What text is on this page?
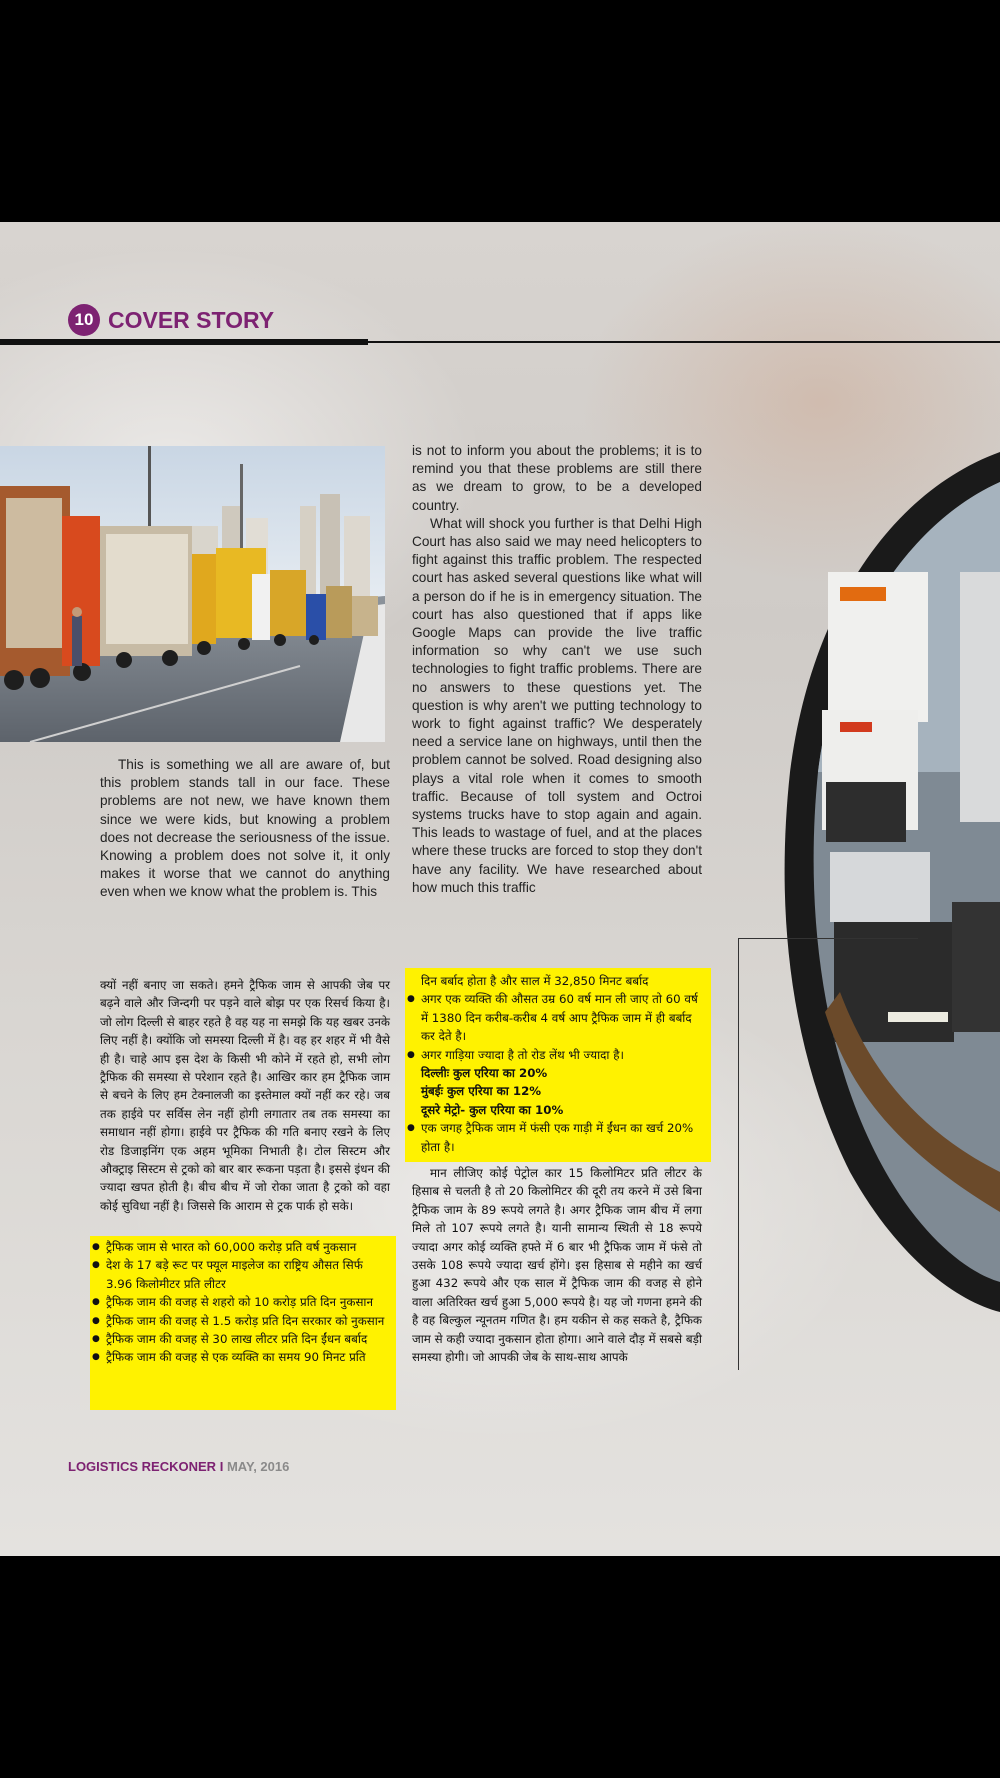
10 COVER STORY

This is something we all are aware of, but this problem stands tall in our face. These problems are not new, we have known them since we were kids, but knowing a problem does not decrease the seriousness of the issue. Knowing a problem does not solve it, it only makes it worse that we cannot do anything even when we know what the problem is. This

is not to inform you about the problems; it is to remind you that these problems are still there as we dream to grow, to be a developed country.

What will shock you further is that Delhi High Court has also said we may need helicopters to fight against this traffic problem. The respected court has asked several questions like what will a person do if he is in emergency situation. The court has also questioned that if apps like Google Maps can provide the live traffic information so why can't we use such technologies to fight traffic problems. There are no answers to these questions yet. The question is why aren't we putting technology to work to fight against traffic? We desperately need a service lane on highways, until then the problem cannot be solved. Road designing also plays a vital role when it comes to smooth traffic. Because of toll system and Octroi systems trucks have to stop again and again. This leads to wastage of fuel, and at the places where these trucks are forced to stop they don't have any facility. We have researched about how much this traffic

क्यों नहीं बनाए जा सकते। हमने ट्रैफिक जाम से आपकी जेब पर बढ़ने वाले और जिन्दगी पर पड़ने वाले बोझ पर एक रिसर्च किया है। जो लोग दिल्ली से बाहर रहते है वह यह ना समझे कि यह खबर उनके लिए नहीं है। क्योंकि जो समस्या दिल्ली में है। वह हर शहर में भी वैसे ही है। चाहे आप इस देश के किसी भी कोने में रहते हो, सभी लोग ट्रैफिक की समस्या से परेशान रहते है। आखिर कार हम ट्रैफिक जाम से बचने के लिए हम टेक्नालजी का इस्तेमाल क्यों नहीं कर रहे। जब तक हाईवे पर सर्विस लेन नहीं होगी लगातार तब तक समस्या का समाधान नहीं होगा। हाईवे पर ट्रैफिक की गति बनाए रखने के लिए रोड डिजाइनिंग एक अहम भूमिका निभाती है। टोल सिस्टम और औक्ट्राइ सिस्टम से ट्रको को बार बार रूकना पड़ता है। इससे इंधन की ज्यादा खपत होती है। बीच बीच में जो रोका जाता है ट्रको को वहा कोई सुविधा नहीं है। जिससे कि आराम से ट्रक पार्क हो सके।

● ट्रैफिक जाम से भारत को 60,000 करोड़ प्रति वर्ष नुकसान
● देश के 17 बड़े रूट पर फ्यूल माइलेज का राष्ट्रिय औसत सिर्फ 3.96 किलोमीटर प्रति लीटर
● ट्रैफिक जाम की वजह से शहरो को 10 करोड़ प्रति दिन नुकसान
● ट्रैफिक जाम की वजह से 1.5 करोड़ प्रति दिन सरकार को नुकसान
● ट्रैफिक जाम की वजह से 30 लाख लीटर प्रति दिन ईंधन बर्बाद
● ट्रैफिक जाम की वजह से एक व्यक्ति का समय 90 मिनट प्रति
दिन बर्बाद होता है और साल में 32,850 मिनट बर्बाद
● अगर एक व्यक्ति की औसत उम्र 60 वर्ष मान ली जाए तो 60 वर्ष में 1380 दिन करीब-करीब 4 वर्ष आप ट्रैफिक जाम में ही बर्बाद कर देते है।
● अगर गाड़िया ज्यादा है तो रोड लेंथ भी ज्यादा है।
दिल्लीः कुल एरिया का 20%
मुंबईः कुल एरिया का 12%
दूसरे मेट्रो- कुल एरिया का 10%
● एक जगह ट्रैफिक जाम में फंसी एक गाड़ी में ईंधन का खर्च 20% होता है।

मान लीजिए कोई पेट्रोल कार 15 किलोमिटर प्रति लीटर के हिसाब से चलती है तो 20 किलोमिटर की दूरी तय करने में उसे बिना ट्रैफिक जाम के 89 रूपये लगते है। अगर ट्रैफिक जाम बीच में लगा मिले तो 107 रूपये लगते है। यानी सामान्य स्थिती से 18 रूपये ज्यादा अगर कोई व्यक्ति हफ्ते में 6 बार भी ट्रैफिक जाम में फंसे तो उसके 108 रूपये ज्यादा खर्च होंगे। इस हिसाब से महीने का खर्च हुआ 432 रूपये और एक साल में ट्रैफिक जाम की वजह से होने वाला अतिरिक्त खर्च हुआ 5,000 रूपये है। यह जो गणना हमने की है वह बिल्कुल न्यूनतम गणित है। हम यकीन से कह सकते है, ट्रैफिक जाम से कही ज्यादा नुकसान होता होगा। आने वाले दौड़ में सबसे बड़ी समस्या होगी। जो आपकी जेब के साथ-साथ आपके

LOGISTICS RECKONER I MAY, 2016
